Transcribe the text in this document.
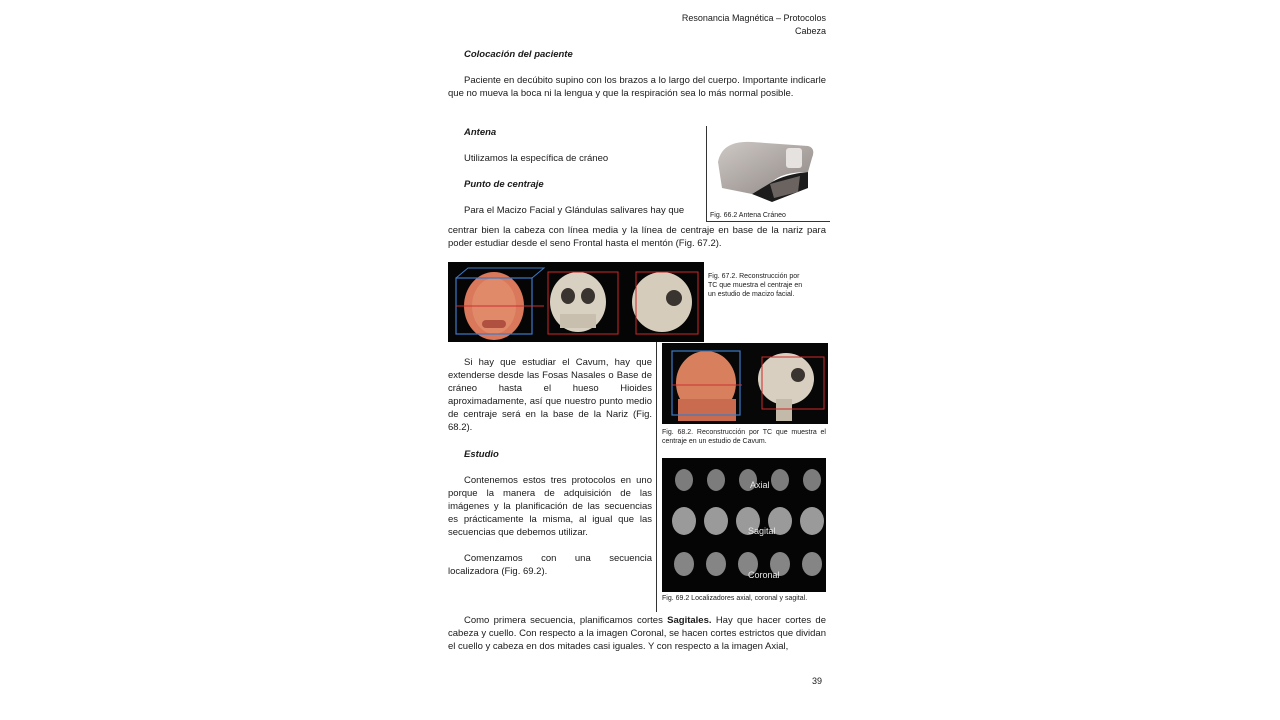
Resonancia Magnética – Protocolos
Cabeza
Colocación del paciente
Paciente en decúbito supino con los brazos a lo largo del cuerpo. Importante indicarle que no mueva la boca ni la lengua y que la respiración sea lo más normal posible.
Antena
Utilizamos la específica de cráneo
Punto de centraje
Para el Macizo Facial y Glándulas salivares hay que	Fig. 66.2 Antena Cráneo
centrar bien la cabeza con línea media y la línea de centraje en base de la nariz para poder estudiar desde el seno Frontal hasta el mentón (Fig. 67.2).
Fig. 67.2. Reconstrucción por TC que muestra el centraje en un estudio de macizo facial.
Si hay que estudiar el Cavum, hay que extenderse desde las Fosas Nasales o Base de cráneo hasta el hueso Hioides aproximadamente, así que nuestro punto medio de centraje será en la base de la Nariz (Fig. 68.2).	Fig. 68.2. Reconstrucción por TC que muestra el centraje en un estudio de Cavum.
Estudio
Contenemos estos tres protocolos en uno porque la manera de adquisición de las imágenes y la planificación de las secuencias es prácticamente la misma, al igual que las secuencias que debemos utilizar.
Comenzamos con una secuencia localizadora (Fig. 69.2).
Axial
Sagital
Coronal
Fig. 69.2 Localizadores axial, coronal y sagital.
Como primera secuencia, planificamos cortes Sagitales. Hay que hacer cortes de cabeza y cuello. Con respecto a la imagen Coronal, se hacen cortes estrictos que dividan el cuello y cabeza en dos mitades casi iguales. Y con respecto a la imagen Axial,
39
